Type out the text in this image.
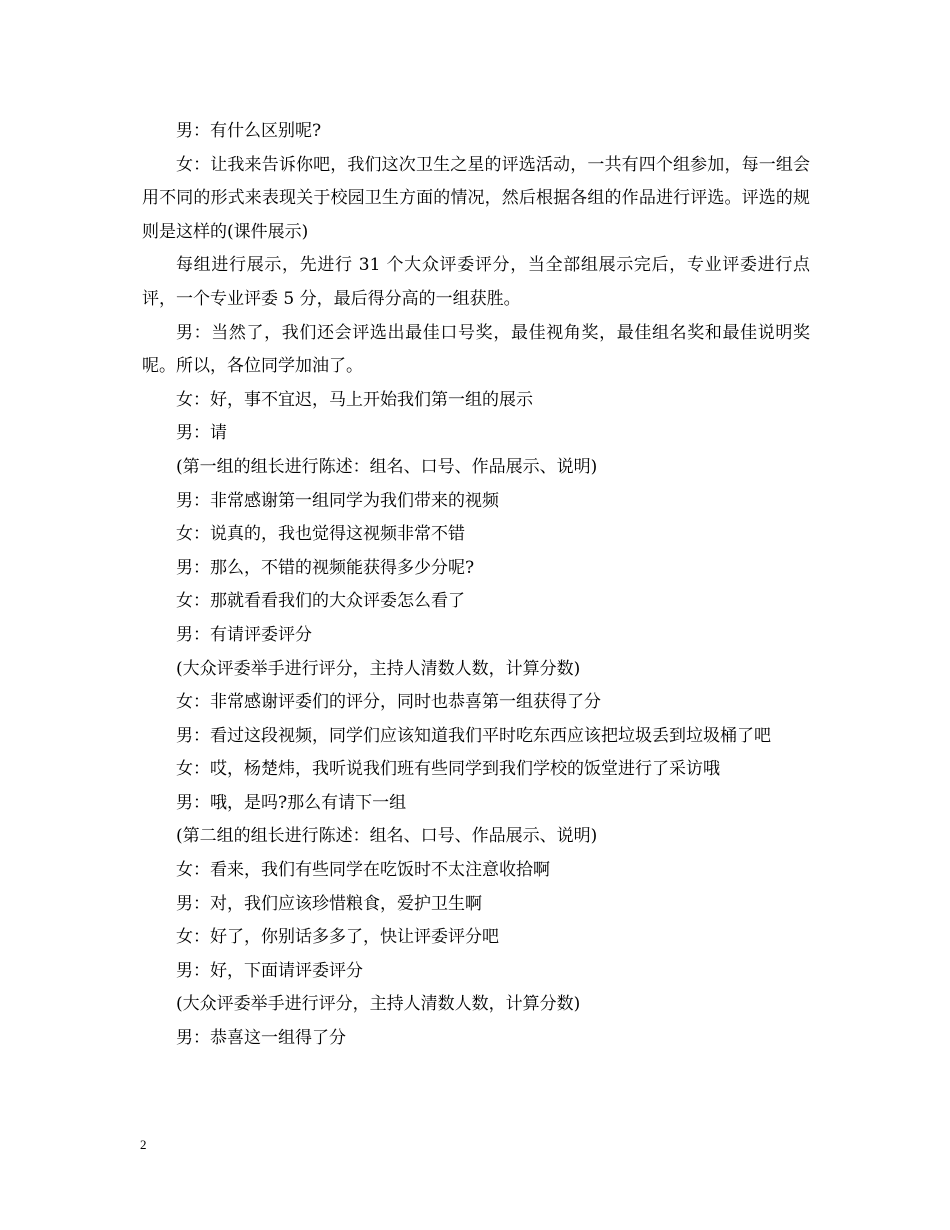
男：有什么区别呢?

女：让我来告诉你吧，我们这次卫生之星的评选活动，一共有四个组参加，每一组会用不同的形式来表现关于校园卫生方面的情况，然后根据各组的作品进行评选。评选的规则是这样的(课件展示)

每组进行展示，先进行 31 个大众评委评分，当全部组展示完后，专业评委进行点评，一个专业评委 5 分，最后得分高的一组获胜。

男：当然了，我们还会评选出最佳口号奖，最佳视角奖，最佳组名奖和最佳说明奖呢。所以，各位同学加油了。

女：好，事不宜迟，马上开始我们第一组的展示

男：请

(第一组的组长进行陈述：组名、口号、作品展示、说明)

男：非常感谢第一组同学为我们带来的视频

女：说真的，我也觉得这视频非常不错

男：那么，不错的视频能获得多少分呢?

女：那就看看我们的大众评委怎么看了

男：有请评委评分

(大众评委举手进行评分，主持人清数人数，计算分数)

女：非常感谢评委们的评分，同时也恭喜第一组获得了分

男：看过这段视频，同学们应该知道我们平时吃东西应该把垃圾丢到垃圾桶了吧

女：哎，杨楚炜，我听说我们班有些同学到我们学校的饭堂进行了采访哦

男：哦，是吗?那么有请下一组

(第二组的组长进行陈述：组名、口号、作品展示、说明)

女：看来，我们有些同学在吃饭时不太注意收拾啊

男：对，我们应该珍惜粮食，爱护卫生啊

女：好了，你别话多多了，快让评委评分吧

男：好，下面请评委评分

(大众评委举手进行评分，主持人清数人数，计算分数)

男：恭喜这一组得了分

2
